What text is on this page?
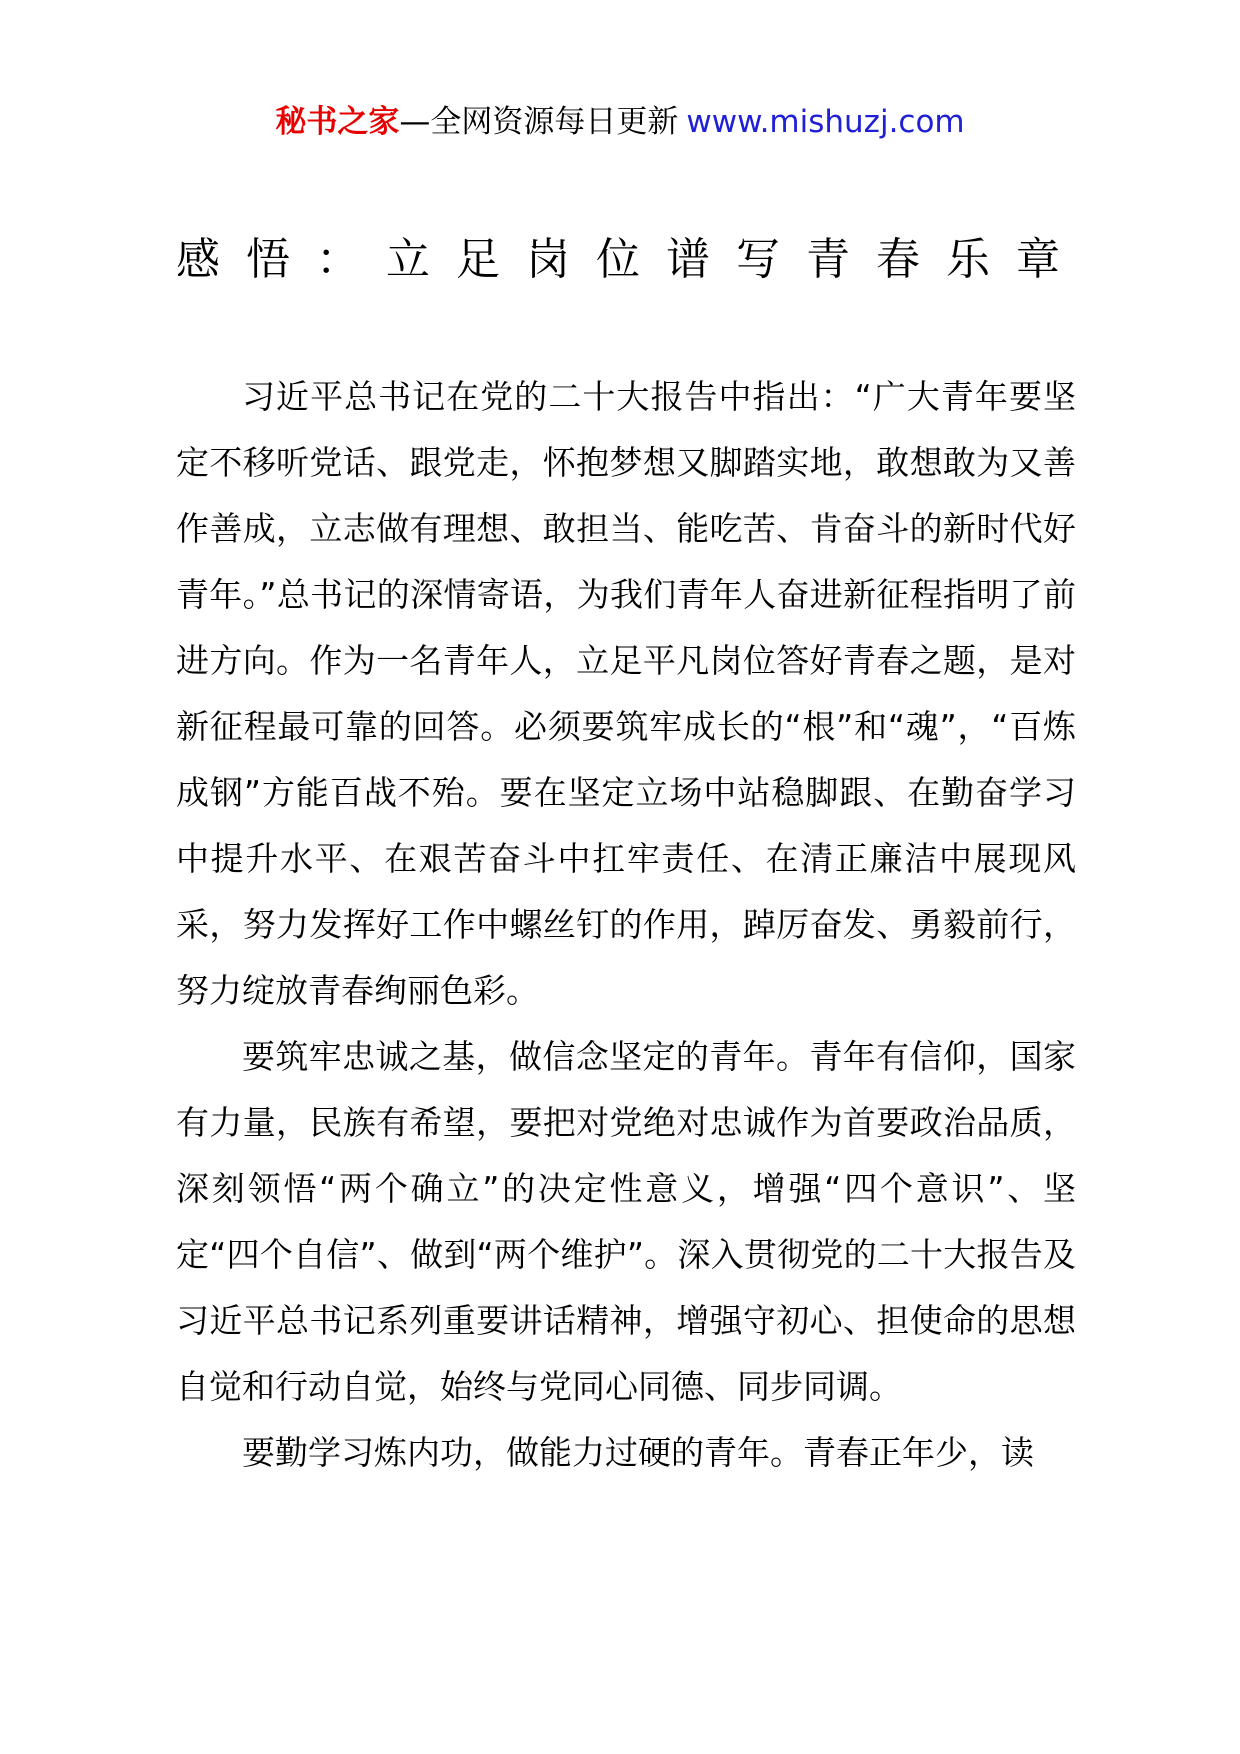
秘书之家—全网资源每日更新 www.mishuzj.com
感悟：立足岗位谱写青春乐章

习近平总书记在党的二十大报告中指出：“广大青年要坚定不移听党话、跟党走，怀抱梦想又脚踏实地，敢想敢为又善作善成，立志做有理想、敢担当、能吃苦、肯奋斗的新时代好青年。”总书记的深情寄语，为我们青年人奋进新征程指明了前进方向。作为一名青年人，立足平凡岗位答好青春之题，是对新征程最可靠的回答。必须要筑牢成长的“根”和“魂”，“百炼成钢”方能百战不殆。要在坚定立场中站稳脚跟、在勤奋学习中提升水平、在艰苦奋斗中扛牢责任、在清正廉洁中展现风采，努力发挥好工作中螺丝钉的作用，踔厉奋发、勇毅前行，努力绽放青春绚丽色彩。

要筑牢忠诚之基，做信念坚定的青年。青年有信仰，国家有力量，民族有希望，要把对党绝对忠诚作为首要政治品质，深刻领悟“两个确立”的决定性意义，增强“四个意识”、坚定“四个自信”、做到“两个维护”。深入贯彻党的二十大报告及习近平总书记系列重要讲话精神，增强守初心、担使命的思想自觉和行动自觉，始终与党同心同德、同步同调。

要勤学习炼内功，做能力过硬的青年。青春正年少，读
